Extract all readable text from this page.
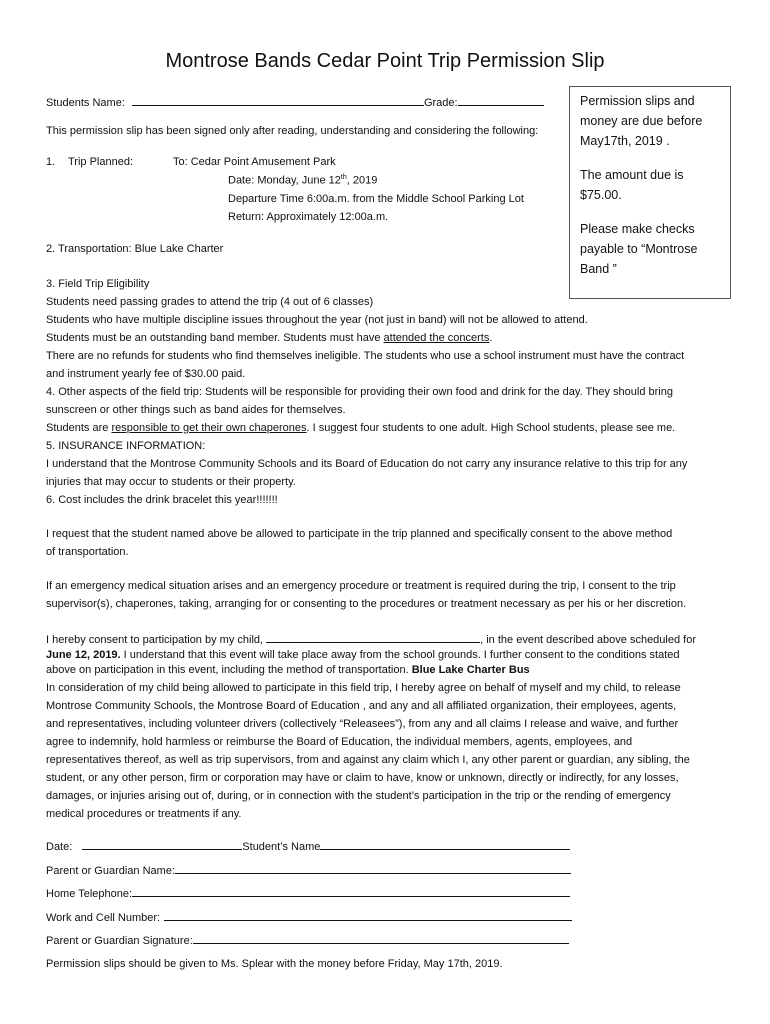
Montrose Bands Cedar Point Trip Permission Slip
Students Name:	Grade:
This permission slip has been signed only after reading, understanding and considering the following:

Permission slips and money are due before May17th, 2019 .

The amount due is $75.00.

Please make checks payable to “Montrose Band ”

1. Trip Planned:	To: Cedar Point Amusement Park
Date: Monday, June 12th, 2019
Departure Time 6:00a.m. from the Middle School Parking Lot
Return: Approximately 12:00a.m.
2. Transportation: Blue Lake Charter
3. Field Trip Eligibility
Students need passing grades to attend the trip (4 out of 6 classes)
Students who have multiple discipline issues throughout the year (not just in band) will not be allowed to attend.
Students must be an outstanding band member. Students must have attended the concerts.
There are no refunds for students who find themselves ineligible. The students who use a school instrument must have the contract
and instrument yearly fee of $30.00 paid.
4. Other aspects of the field trip: Students will be responsible for providing their own food and drink for the day. They should bring
sunscreen or other things such as band aides for themselves.
Students are responsible to get their own chaperones. I suggest four students to one adult. High School students, please see me.
5. INSURANCE INFORMATION:
I understand that the Montrose Community Schools and its Board of Education do not carry any insurance relative to this trip for any
injuries that may occur to students or their property.
6. Cost includes the drink bracelet this year!!!!!!!
I request that the student named above be allowed to participate in the trip planned and specifically consent to the above method
of transportation.
If an emergency medical situation arises and an emergency procedure or treatment is required during the trip, I consent to the trip
supervisor(s), chaperones, taking, arranging for or consenting to the procedures or treatment necessary as per his or her discretion.
I hereby consent to participation by my child,	, in the event described above scheduled for
June 12, 2019. I understand that this event will take place away from the school grounds. I further consent to the conditions stated
above on participation in this event, including the method of transportation. Blue Lake Charter Bus
In consideration of my child being allowed to participate in this field trip, I hereby agree on behalf of myself and my child, to release
Montrose Community Schools, the Montrose Board of Education , and any and all affiliated organization, their employees, agents,
and representatives, including volunteer drivers (collectively “Releasees”), from any and all claims I release and waive, and further
agree to indemnify, hold harmless or reimburse the Board of Education, the individual members, agents, employees, and
representatives thereof, as well as trip supervisors, from and against any claim which I, any other parent or guardian, any sibling, the
student, or any other person, firm or corporation may have or claim to have, know or unknown, directly or indirectly, for any losses,
damages, or injuries arising out of, during, or in connection with the student’s participation in the trip or the rending of emergency
medical procedures or treatments if any.
Date:	Student’s Name
Parent or Guardian Name:
Home Telephone:
Work and Cell Number:
Parent or Guardian Signature:
Permission slips should be given to Ms. Splear with the money before Friday, May 17th, 2019.
